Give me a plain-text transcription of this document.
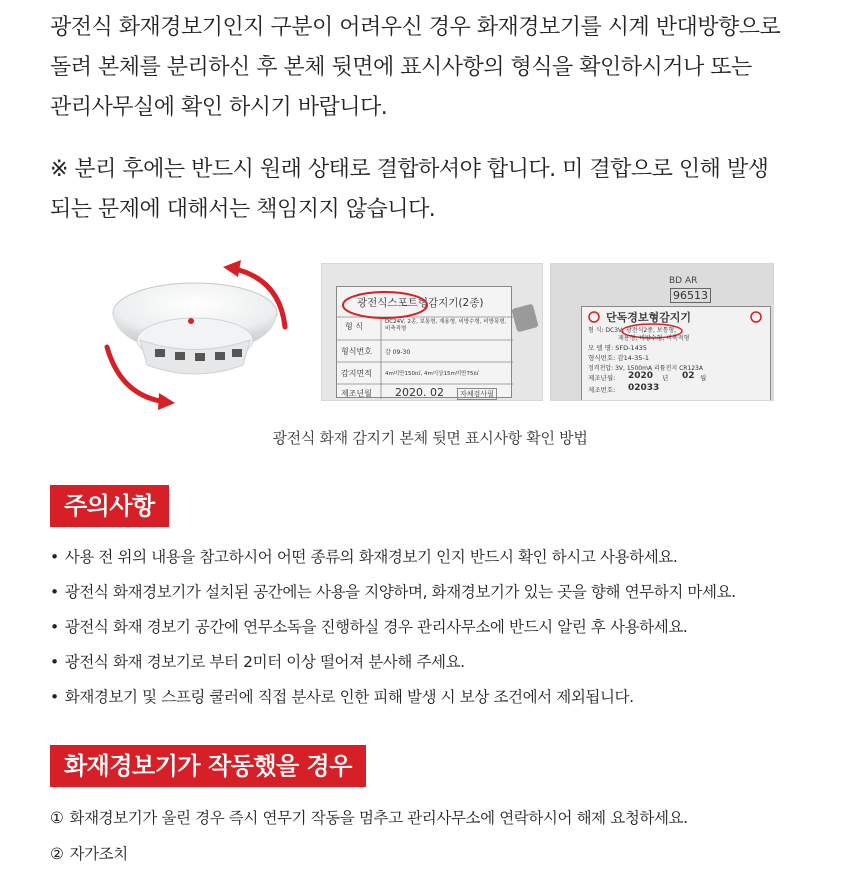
광전식 화재경보기인지 구분이 어려우신 경우 화재경보기를 시계 반대방향으로

돌려 본체를 분리하신 후 본체 뒷면에 표시사항의 형식을 확인하시거나 또는

관리사무실에 확인 하시기 바랍니다.

※ 분리 후에는 반드시 원래 상태로 결합하셔야 합니다. 미 결합으로 인해 발생

되는 문제에 대해서는 책임지지 않습니다.

광전식스포트형감지기(2종)
형 식	DC24V, 2종, 보통형, 재용형, 비방수형, 비방폭형, 비축적형
형식번호 감 09-30
감지면적 4m미만150㎡, 4m이상15m미만75㎡
제조년월 2020. 02	자체검사필
BD AR
96513
단독경보형감지기
형 식: DC3V, 광전식2종, 보통형,
재용형, 비방수형, 비축적형
모 델 명: SFD-1435
형식번호: 감14-35-1
정격전압: 3V, 1500mA 리튬전지 CR123A
제조년월: 2020 년 02 월
제조번호: 02033
광전식 화재 감지기 본체 뒷면 표시사항 확인 방법
주의사항
• 사용 전 위의 내용을 참고하시어 어떤 종류의 화재경보기 인지 반드시 확인 하시고 사용하세요.
• 광전식 화재경보기가 설치된 공간에는 사용을 지양하며, 화재경보기가 있는 곳을 향해 연무하지 마세요.
• 광전식 화재 경보기 공간에 연무소독을 진행하실 경우 관리사무소에 반드시 알린 후 사용하세요.
• 광전식 화재 경보기로 부터 2미터 이상 떨어져 분사해 주세요.
• 화재경보기 및 스프링 쿨러에 직접 분사로 인한 피해 발생 시 보상 조건에서 제외됩니다.
화재경보기가 작동했을 경우
① 화재경보기가 울린 경우 즉시 연무기 작동을 멈추고 관리사무소에 연락하시어 해제 요청하세요.
② 자가조치
